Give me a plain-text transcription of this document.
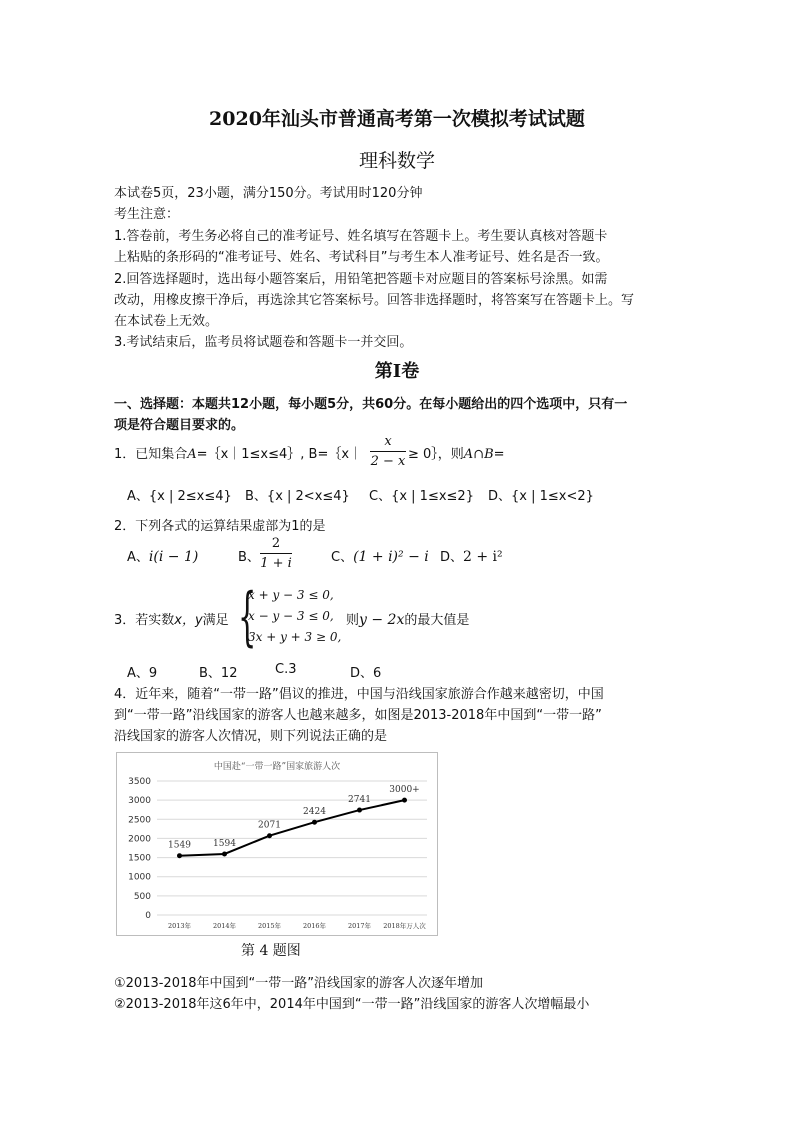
2020年汕头市普通高考第一次模拟考试试题
理科数学
本试卷5页，23小题，满分150分。考试用时120分钟
考生注意：
1.答卷前，考生务必将自己的准考证号、姓名填写在答题卡上。考生要认真核对答题卡
上粘贴的条形码的“准考证号、姓名、考试科目”与考生本人准考证号、姓名是否一致。
2.回答选择题时，选出每小题答案后，用铅笔把答题卡对应题目的答案标号涂黑。如需
改动，用橡皮擦干净后，再选涂其它答案标号。回答非选择题时，将答案写在答题卡上。写
在本试卷上无效。
3.考试结束后，监考员将试题卷和答题卡一并交回。
第Ⅰ卷
一、选择题：本题共12小题，每小题5分，共60分。在每小题给出的四个选项中，只有一
项是符合题目要求的。
1．已知集合A=｛x｜1≤x≤4｝, B=｛x｜
x
2 − x ≥ 0｝，则A∩B=
A、{x | 2≤x≤4} B、{x | 2<x≤4} C、{x | 1≤x≤2} D、{x | 1≤x<2}
2．下列各式的运算结果虚部为1的是
A、i(i − 1)	B、
2
1 + i	C、(1 + i)² − i D、2 + i²
3．若实数x，y满足 {
x + y − 3 ≤ 0,
x − y − 3 ≤ 0,
3x + y + 3 ≥ 0,
则y − 2x的最大值是
A、9	B、12	C.3	D、6
4．近年来，随着“一带一路”倡议的推进，中国与沿线国家旅游合作越来越密切，中国
到“一带一路”沿线国家的游客人也越来越多，如图是2013-2018年中国到“一带一路”
沿线国家的游客人次情况，则下列说法正确的是
中国赴“一带一路”国家旅游人次
0
500
1000
1500
2000
2500
3000
3500
2013年	2014年	2015年	2016年	2017年 2018年万人次
1549 1594
2071
2424
2741
3000+
第 4 题图
①2013-2018年中国到“一带一路”沿线国家的游客人次逐年增加
②2013-2018年这6年中，2014年中国到“一带一路”沿线国家的游客人次增幅最小
